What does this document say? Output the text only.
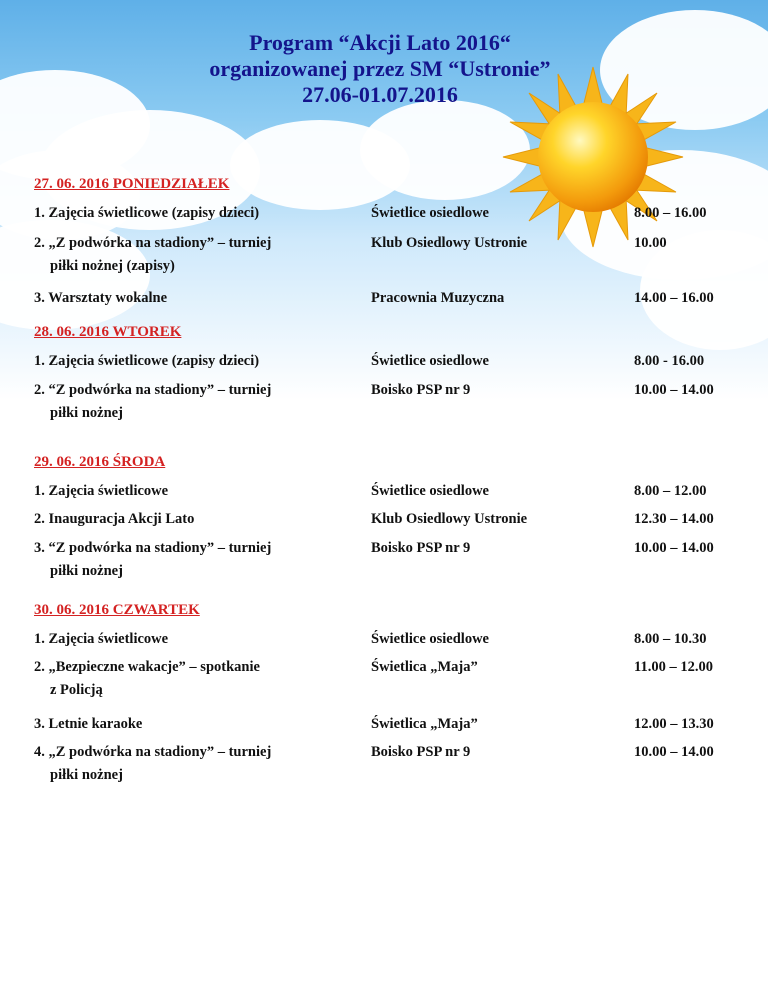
Program “Akcji Lato 2016“
organizowanej przez SM “Ustronie”
27.06-01.07.2016
27. 06. 2016 PONIEDZIAŁEK
1. Zajęcia świetlicowe (zapisy dzieci)	Świetlice osiedlowe	8.00 – 16.00
2. „Z podwórka na stadiony” – turniej
piłki nożnej (zapisy)
Klub Osiedlowy Ustronie	10.00
3. Warsztaty wokalne	Pracownia Muzyczna	14.00 – 16.00
28. 06. 2016 WTOREK
1. Zajęcia świetlicowe (zapisy dzieci)	Świetlice osiedlowe	8.00 - 16.00
2. “Z podwórka na stadiony” – turniej
piłki nożnej
Boisko PSP nr 9	10.00 – 14.00
29. 06. 2016 ŚRODA
1. Zajęcia świetlicowe	Świetlice osiedlowe	8.00 – 12.00
2. Inauguracja Akcji Lato	Klub Osiedlowy Ustronie	12.30 – 14.00
3. “Z podwórka na stadiony” – turniej
piłki nożnej
Boisko PSP nr 9	10.00 – 14.00
30. 06. 2016 CZWARTEK
1. Zajęcia świetlicowe	Świetlice osiedlowe	8.00 – 10.30
2. „Bezpieczne wakacje” – spotkanie
z Policją
Świetlica „Maja”	11.00 – 12.00
3. Letnie karaoke	Świetlica „Maja”	12.00 – 13.30
4. „Z podwórka na stadiony” – turniej
piłki nożnej
Boisko PSP nr 9	10.00 – 14.00
